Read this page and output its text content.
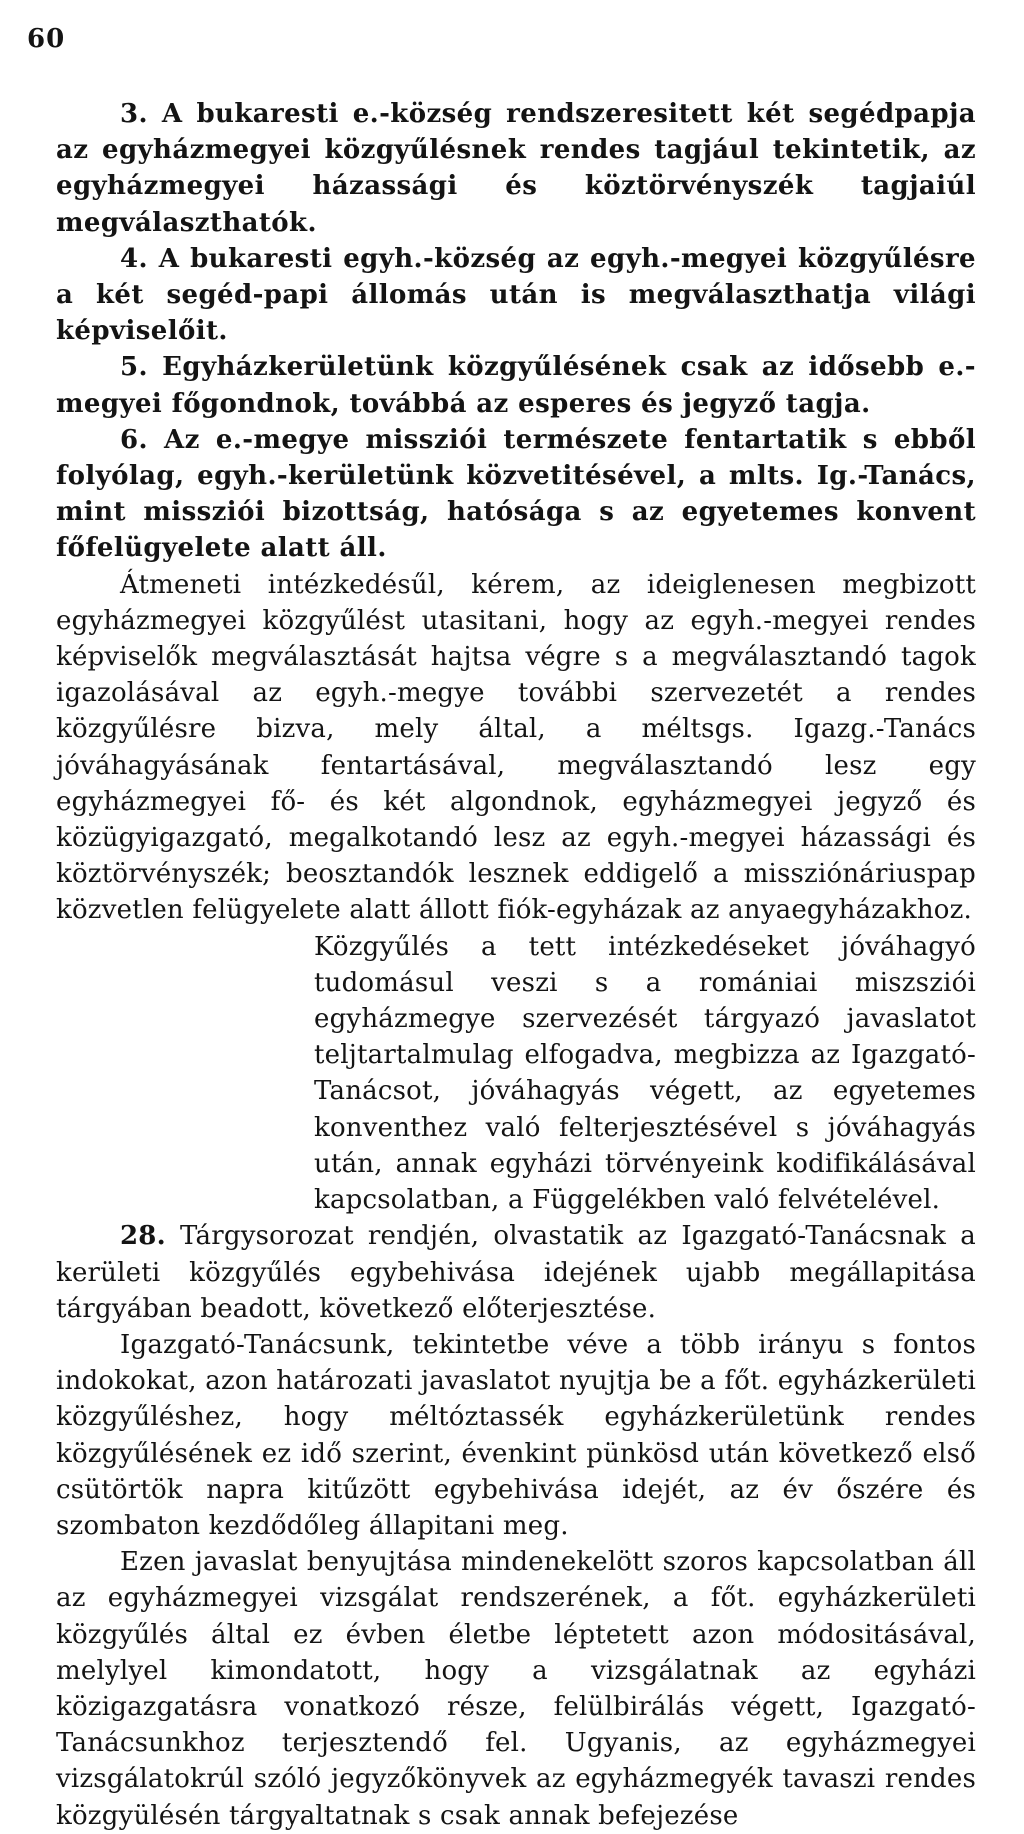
60

3. A bukaresti e.-község rendszeresitett két segédpapja az egyházmegyei közgyűlésnek rendes tagjául tekintetik, az egyházmegyei házassági és köztörvényszék tagjaiúl megválaszthatók.

4. A bukaresti egyh.-község az egyh.-megyei közgyűlésre a két segéd-papi állomás után is megválaszthatja világi képviselőit.

5. Egyházkerületünk közgyűlésének csak az idősebb e.-megyei főgondnok, továbbá az esperes és jegyző tagja.

6. Az e.-megye missziói természete fentartatik s ebből folyólag, egyh.-kerületünk közvetitésével, a mlts. Ig.-Tanács, mint missziói bizottság, hatósága s az egyetemes konvent főfelügyelete alatt áll.

Átmeneti intézkedésűl, kérem, az ideiglenesen megbizott egyházmegyei közgyűlést utasitani, hogy az egyh.-megyei rendes képviselők megválasztását hajtsa végre s a megválasztandó tagok igazolásával az egyh.-megye további szervezetét a rendes közgyűlésre bizva, mely által, a méltsgs. Igazg.-Tanács jóváhagyásának fentartásával, megválasztandó lesz egy egyházmegyei fő- és két algondnok, egyházmegyei jegyző és közügyigazgató, megalkotandó lesz az egyh.-megyei házassági és köztörvényszék; beosztandók lesznek eddigelő a missziónáriuspap közvetlen felügyelete alatt állott fiók-egyházak az anyaegyházakhoz.

Közgyűlés a tett intézkedéseket jóváhagyó tudomásul veszi s a romániai miszsziói egyházmegye szervezését tárgyazó javaslatot teljtartalmulag elfogadva, megbizza az Igazgató-Tanácsot, jóváhagyás végett, az egyetemes konventhez való felterjesztésével s jóváhagyás után, annak egyházi törvényeink kodifikálásával kapcsolatban, a Függelékben való felvételével.

28. Tárgysorozat rendjén, olvastatik az Igazgató-Tanácsnak a kerületi közgyűlés egybehivása idejének ujabb megállapitása tárgyában beadott, következő előterjesztése.

Igazgató-Tanácsunk, tekintetbe véve a több irányu s fontos indokokat, azon határozati javaslatot nyujtja be a főt. egyházkerületi közgyűléshez, hogy méltóztassék egyházkerületünk rendes közgyűlésének ez idő szerint, évenkint pünkösd után következő első csütörtök napra kitűzött egybehivása idejét, az év őszére és szombaton kezdődőleg állapitani meg.

Ezen javaslat benyujtása mindenekelött szoros kapcsolatban áll az egyházmegyei vizsgálat rendszerének, a főt. egyházkerületi közgyűlés által ez évben életbe léptetett azon módositásával, melylyel kimondatott, hogy a vizsgálatnak az egyházi közigazgatásra vonatkozó része, felülbirálás végett, Igazgató-Tanácsunkhoz terjesztendő fel. Ugyanis, az egyházmegyei vizsgálatokrúl szóló jegyzőkönyvek az egyházmegyék tavaszi rendes közgyülésén tárgyaltatnak s csak annak befejezése
